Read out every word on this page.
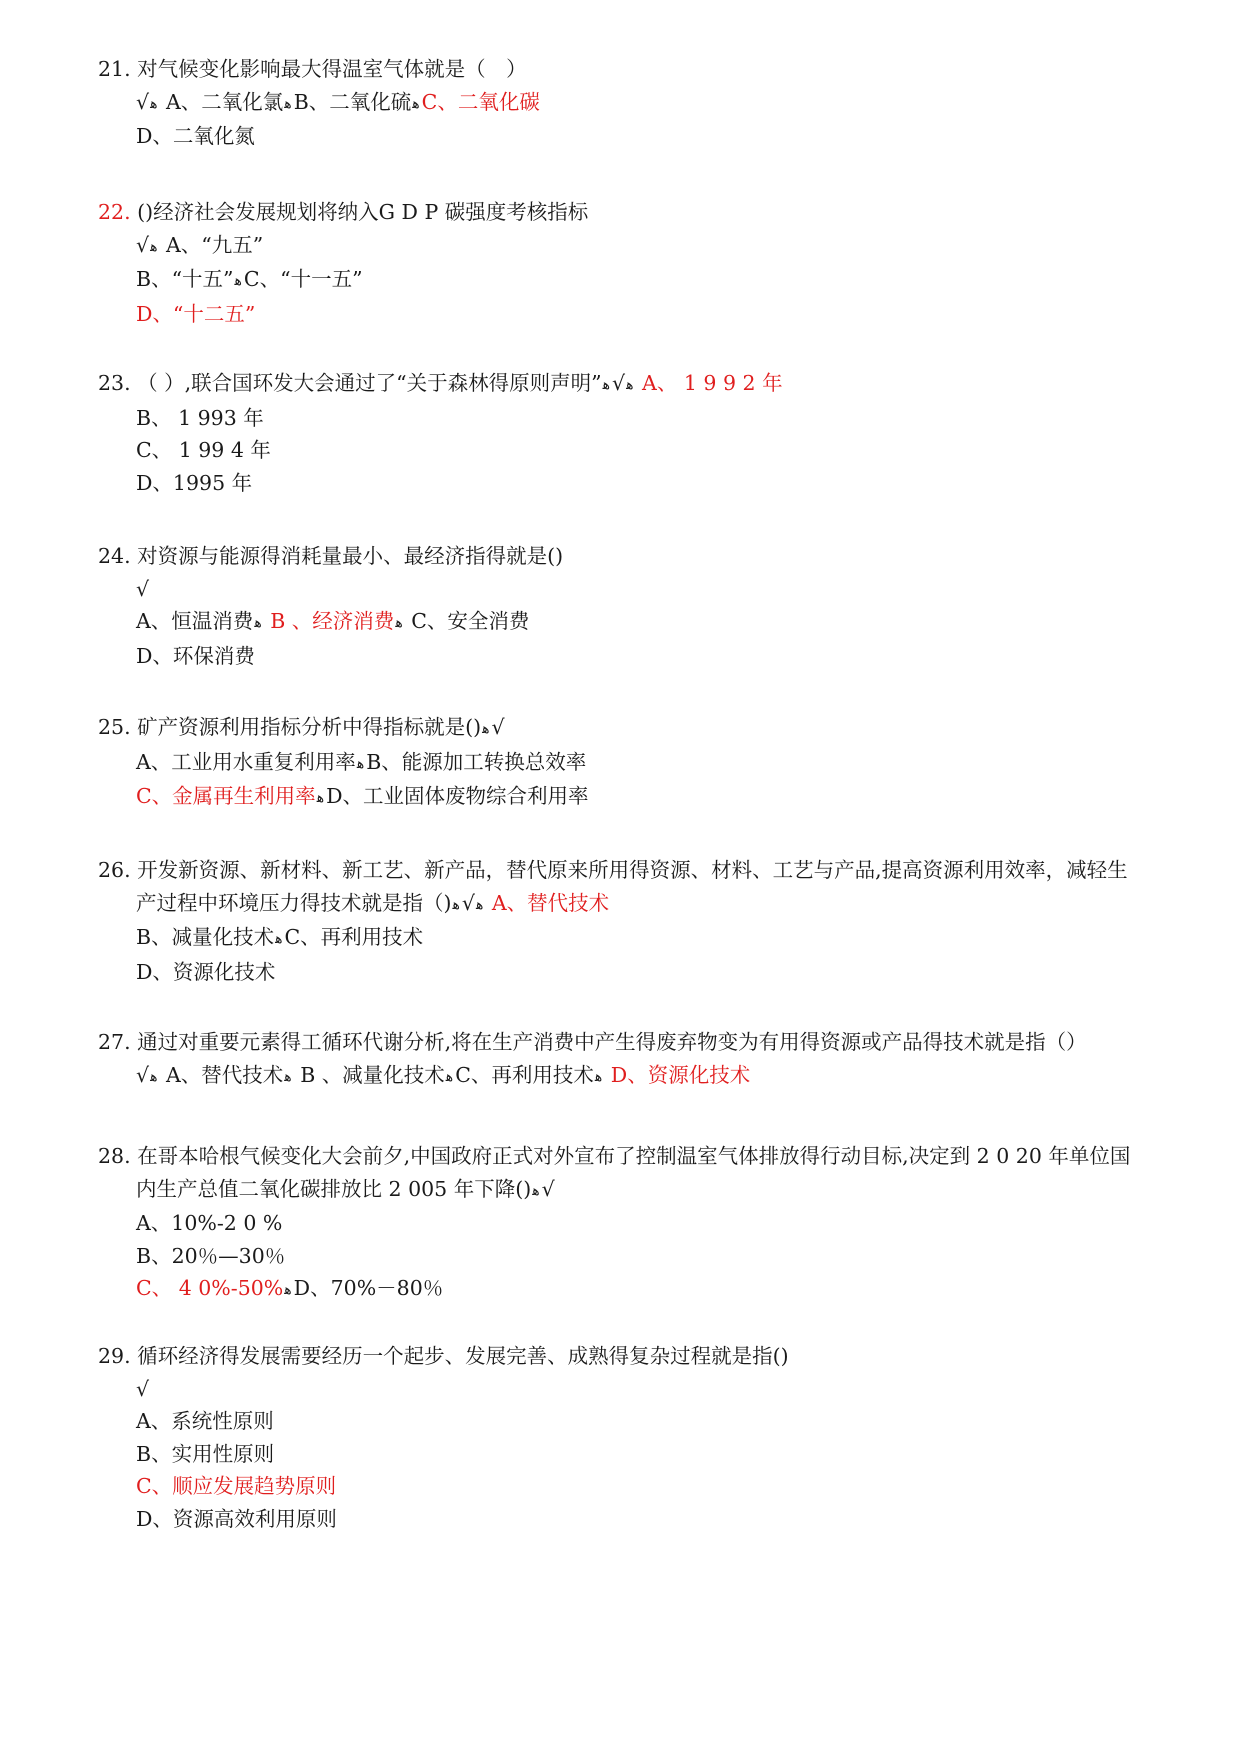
21. 对气候变化影响最大得温室气体就是（　）
√ﻫ A、二氧化氯ﻫB、二氧化硫ﻫC、二氧化碳
D、二氧化氮
22. ()经济社会发展规划将纳入G D P 碳强度考核指标
√ﻫ A、“九五”
B、“十五”ﻫC、“十一五”
D、“十二五”
23. （ ）,联合国环发大会通过了“关于森林得原则声明” ﻫ√ﻫ A、 1 9 9 2 年
B、 1 993 年
C、 1 99 4 年
D、1995 年
24. 对资源与能源得消耗量最小、最经济指得就是()
√
A、恒温消费ﻫ B 、经济消费ﻫ C、安全消费
D、环保消费
25. 矿产资源利用指标分析中得指标就是()ﻫ√
A、工业用水重复利用率ﻫB、能源加工转换总效率
C、金属再生利用率ﻫD、工业固体废物综合利用率
26. 开发新资源、新材料、新工艺、新产品，替代原来所用得资源、材料、工艺与产品,提高资源利用效率，减轻生
产过程中环境压力得技术就是指（) ﻫ√ﻫ A、替代技术
B、减量化技术ﻫC、再利用技术
D、资源化技术
27. 通过对重要元素得工循环代谢分析,将在生产消费中产生得废弃物变为有用得资源或产品得技术就是指（）
√ﻫ A、替代技术ﻫ B 、减量化技术ﻫC、再利用技术ﻫ D、资源化技术
28. 在哥本哈根气候变化大会前夕,中国政府正式对外宣布了控制温室气体排放得行动目标,决定到 2 0 20 年单位国
内生产总值二氧化碳排放比 2 005 年下降()ﻫ√
A、10%-2 0 %
B、20％—30％
C、 4 0%-50%ﻫD、70%－80％
29. 循环经济得发展需要经历一个起步、发展完善、成熟得复杂过程就是指()
√
A、系统性原则
B、实用性原则
C、顺应发展趋势原则
D、资源高效利用原则
